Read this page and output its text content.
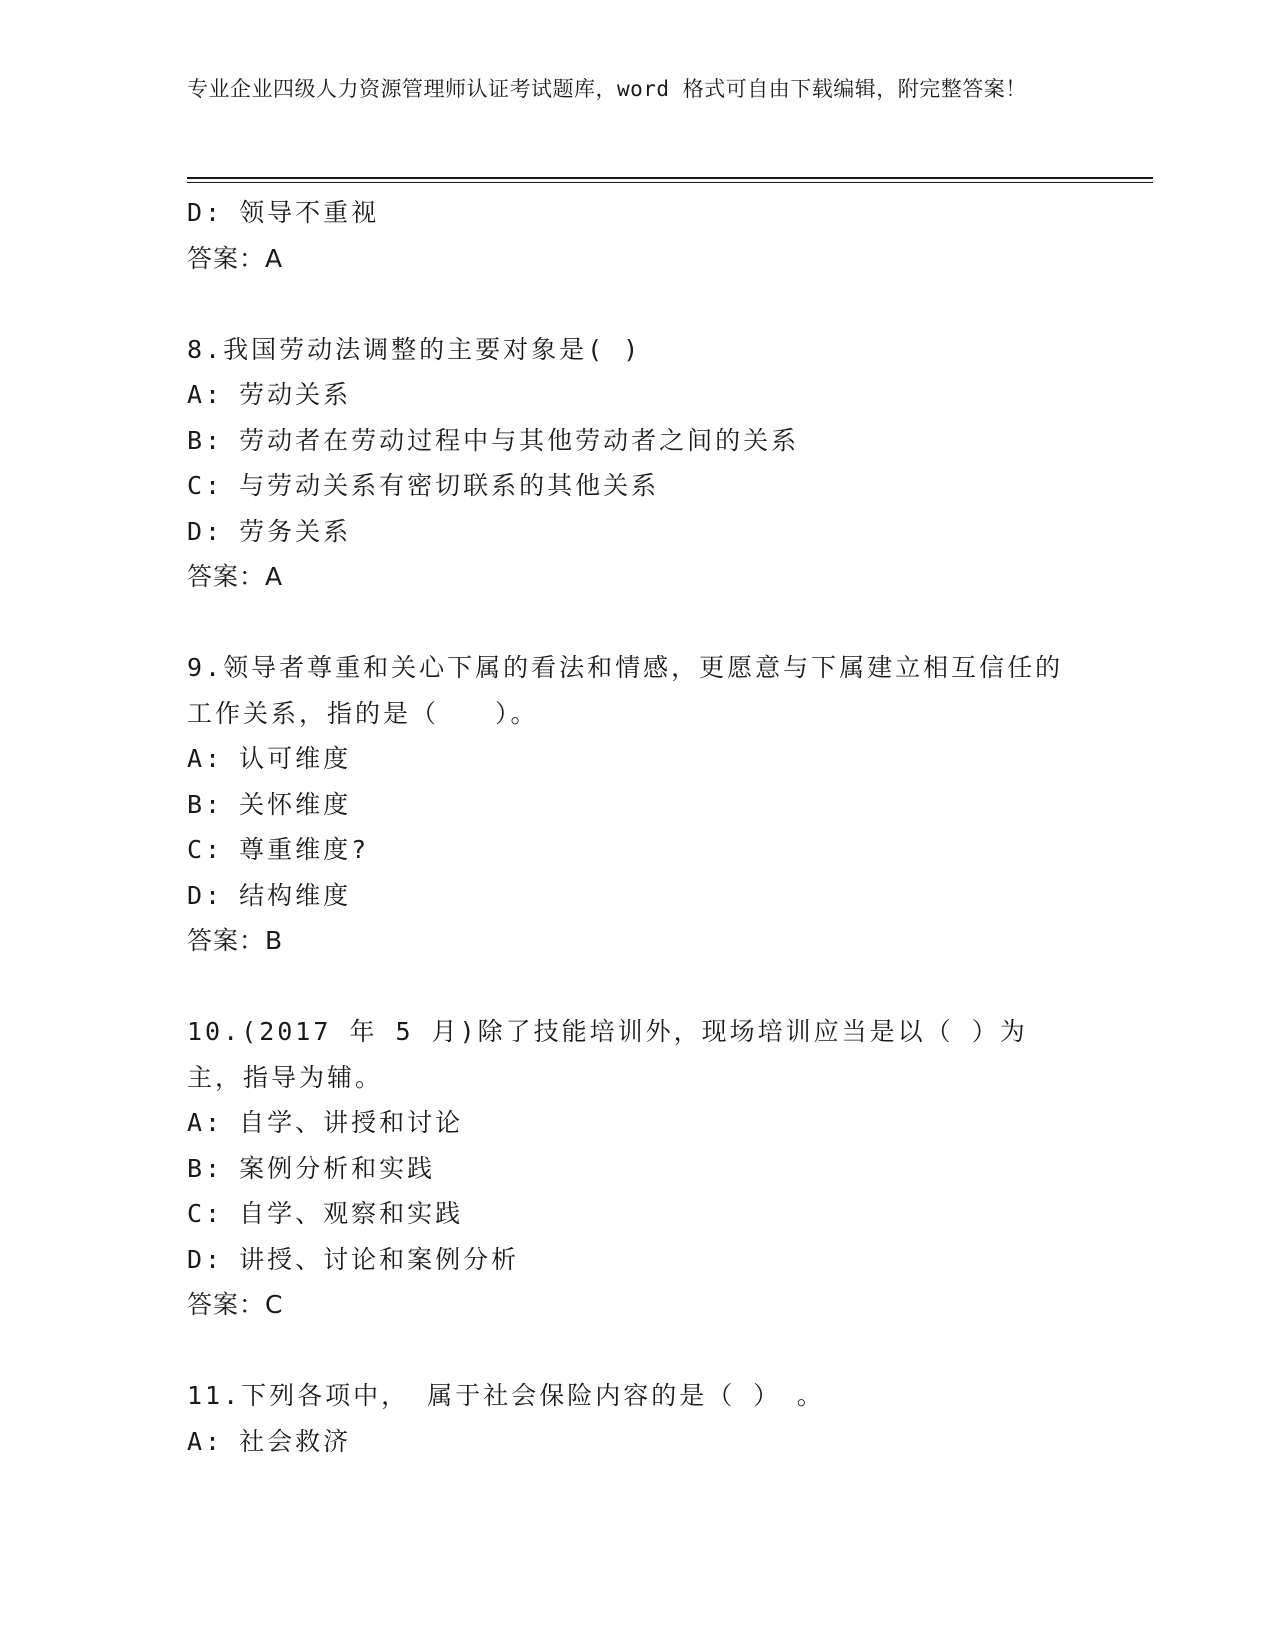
专业企业四级人力资源管理师认证考试题库，word 格式可自由下载编辑，附完整答案！
D: 领导不重视
答案：A
8.我国劳动法调整的主要对象是( )
A: 劳动关系
B: 劳动者在劳动过程中与其他劳动者之间的关系
C: 与劳动关系有密切联系的其他关系
D: 劳务关系
答案：A
9.领导者尊重和关心下属的看法和情感，更愿意与下属建立相互信任的工作关系，指的是（　　）。
A: 认可维度
B: 关怀维度
C: 尊重维度?
D: 结构维度
答案：B
10.(2017 年 5 月)除了技能培训外，现场培训应当是以（ ）为主，指导为辅。
A: 自学、讲授和讨论
B: 案例分析和实践
C: 自学、观察和实践
D: 讲授、讨论和案例分析
答案：C
11.下列各项中， 属于社会保险内容的是（ ）　。
A: 社会救济
